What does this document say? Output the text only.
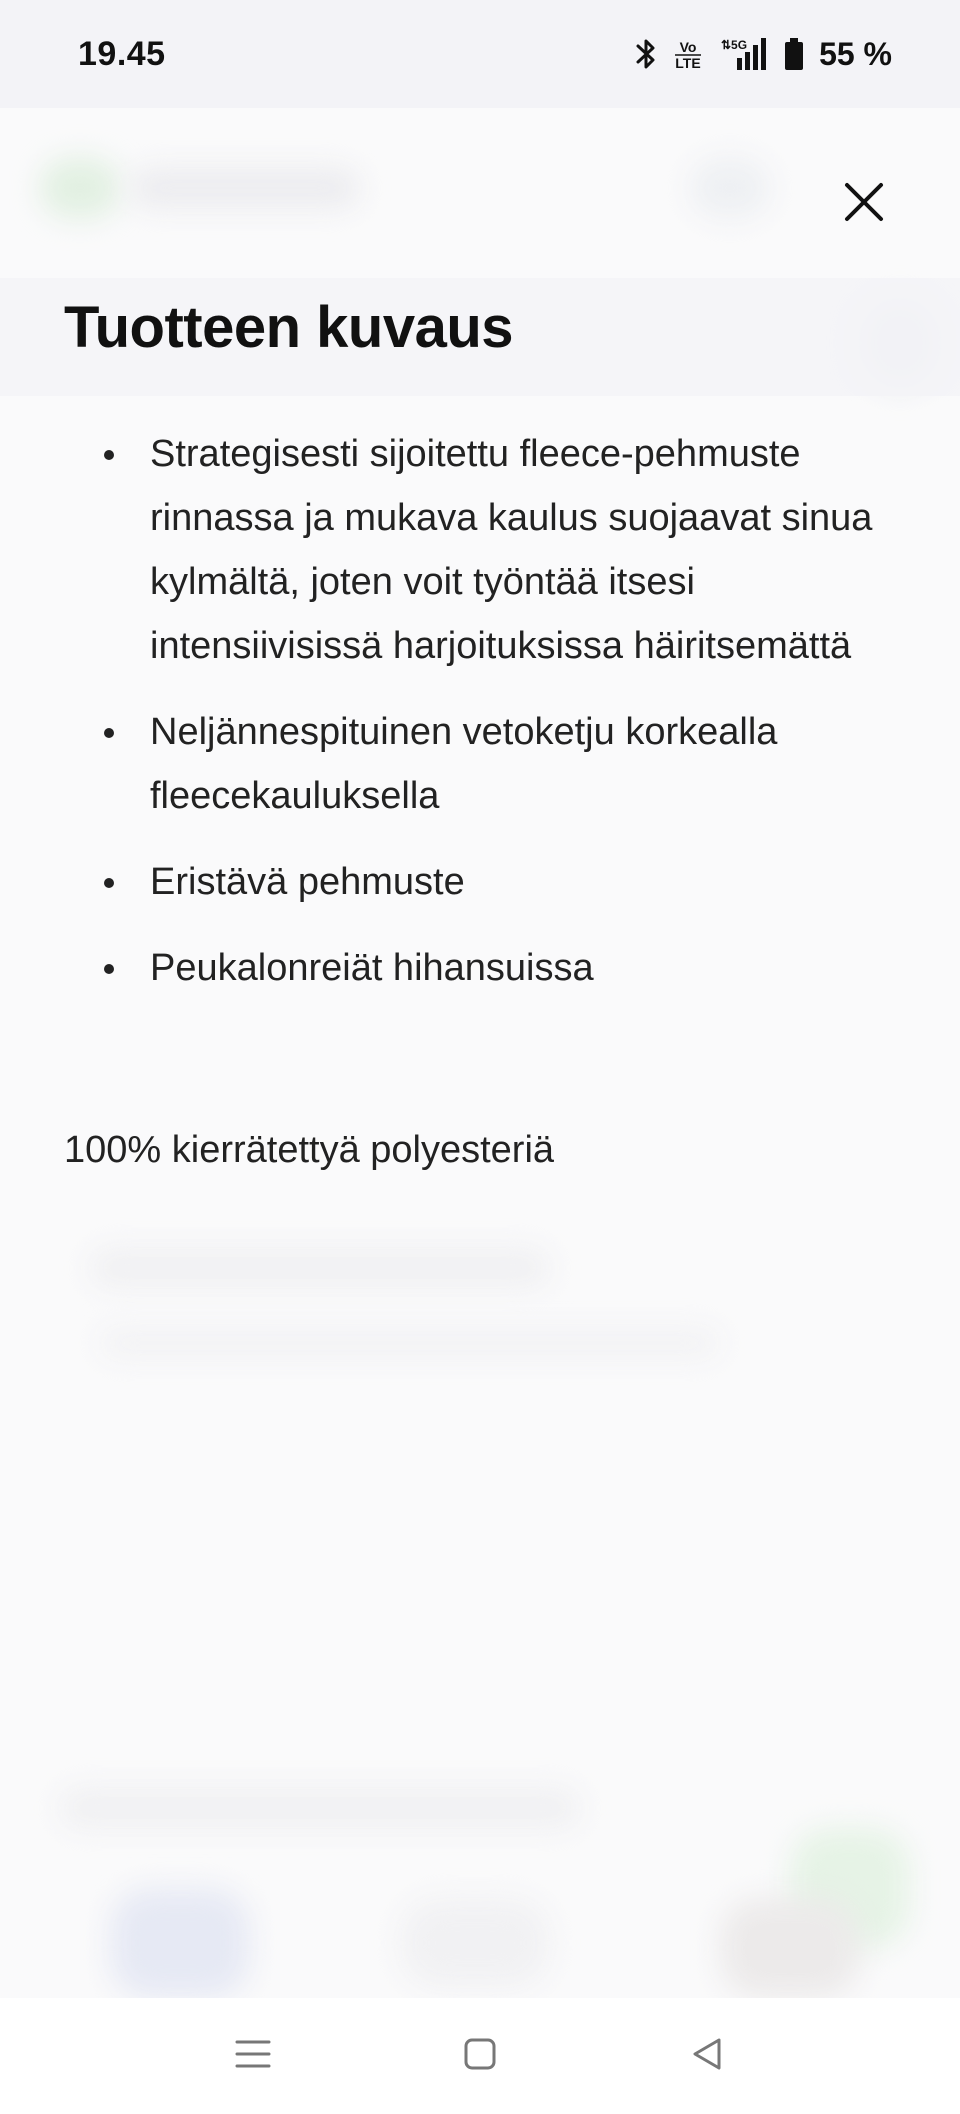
19.45	Vo
LTE
⇅5G 55 %
Tuotteen kuvaus
Strategisesti sijoitettu fleece-pehmuste rinnassa ja mukava kaulus suojaavat sinua kylmältä, joten voit työntää itsesi intensiivisissä harjoituksissa häiritsemättä
Neljännespituinen vetoketju korkealla fleecekauluksella
Eristävä pehmuste
Peukalonreiät hihansuissa

100% kierrätettyä polyesteriä
